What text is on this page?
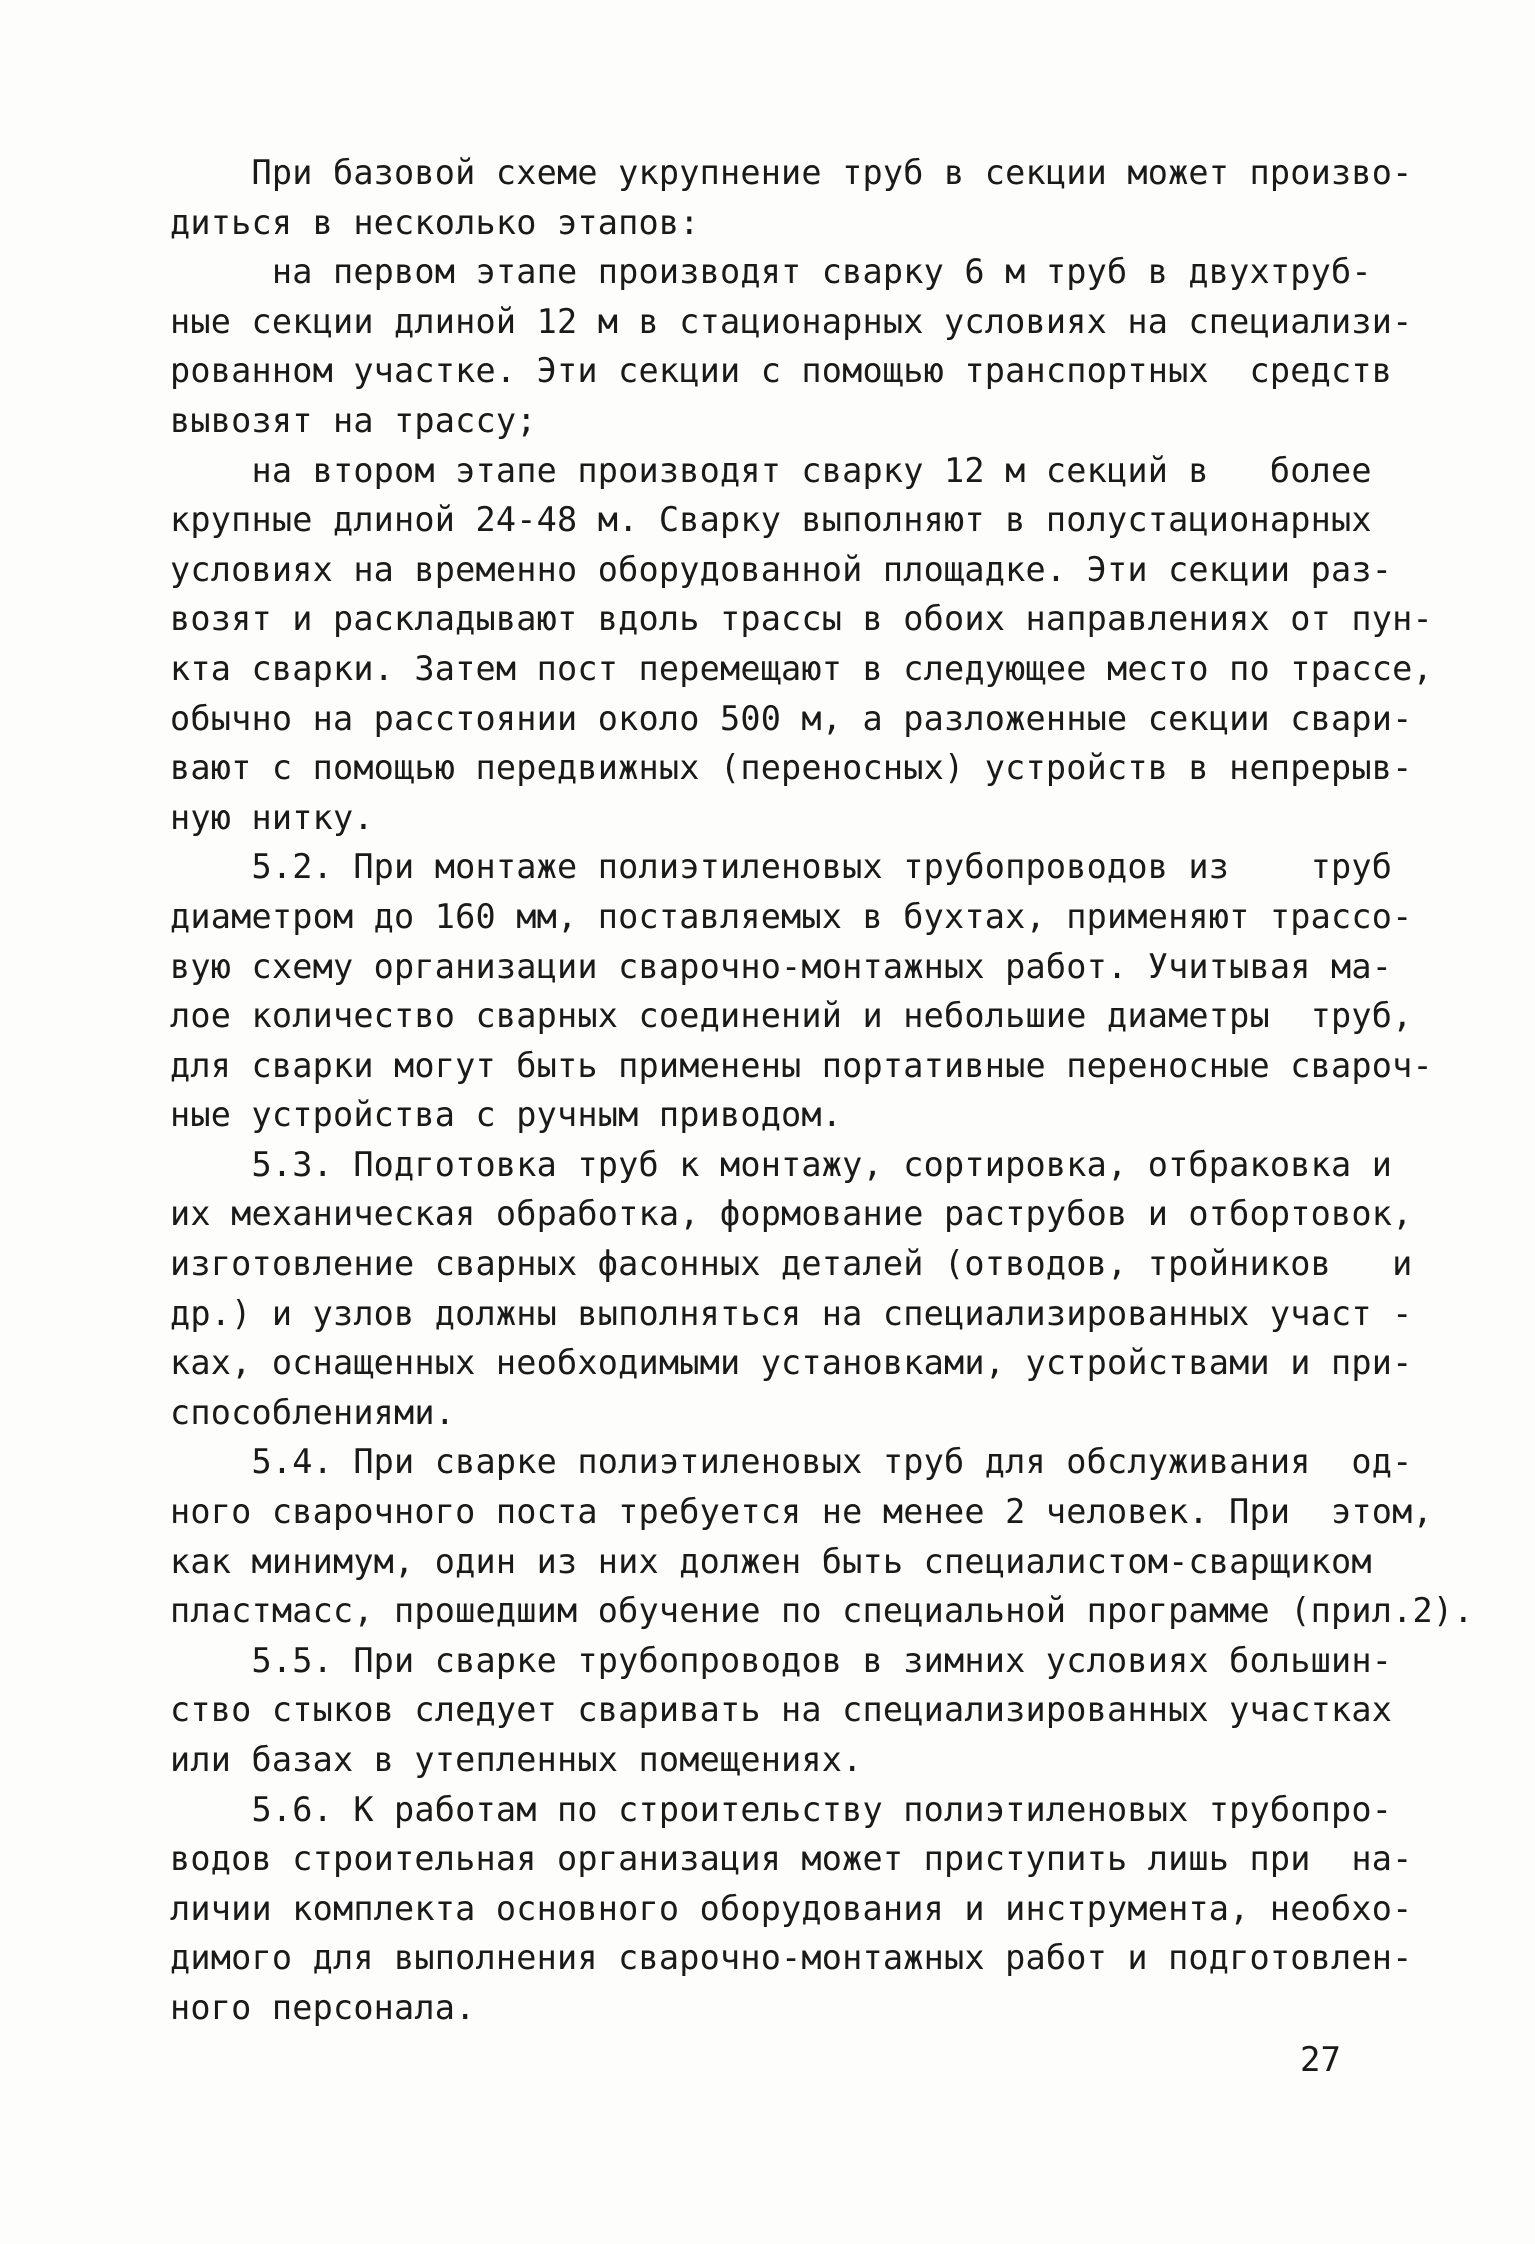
При базовой схеме укрупнение труб в секции может произво-
диться в несколько этапов:
на первом этапе производят сварку 6 м труб в двухтруб-
ные секции длиной 12 м в стационарных условиях на специализи-
рованном участке. Эти секции с помощью транспортных  средств
вывозят на трассу;
на втором этапе производят сварку 12 м секций в   более
крупные длиной 24-48 м. Сварку выполняют в полустационарных
условиях на временно оборудованной площадке. Эти секции раз-
возят и раскладывают вдоль трассы в обоих направлениях от пун-
кта сварки. Затем пост перемещают в следующее место по трассе,
обычно на расстоянии около 500 м, а разложенные секции свари-
вают с помощью передвижных (переносных) устройств в непрерыв-
ную нитку.
5.2. При монтаже полиэтиленовых трубопроводов из    труб
диаметром до 160 мм, поставляемых в бухтах, применяют трассо-
вую схему организации сварочно-монтажных работ. Учитывая ма-
лое количество сварных соединений и небольшие диаметры  труб,
для сварки могут быть применены портативные переносные свароч-
ные устройства с ручным приводом.
5.3. Подготовка труб к монтажу, сортировка, отбраковка и
их механическая обработка, формование раструбов и отбортовок,
изготовление сварных фасонных деталей (отводов, тройников   и
др.) и узлов должны выполняться на специализированных участ -
ках, оснащенных необходимыми установками, устройствами и при-
способлениями.
5.4. При сварке полиэтиленовых труб для обслуживания  од-
ного сварочного поста требуется не менее 2 человек. При  этом,
как минимум, один из них должен быть специалистом-сварщиком
пластмасс, прошедшим обучение по специальной программе (прил.2).
5.5. При сварке трубопроводов в зимних условиях большин-
ство стыков следует сваривать на специализированных участках
или базах в утепленных помещениях.
5.6. К работам по строительству полиэтиленовых трубопро-
водов строительная организация может приступить лишь при  на-
личии комплекта основного оборудования и инструмента, необхо-
димого для выполнения сварочно-монтажных работ и подготовлен-
ного персонала.
27
